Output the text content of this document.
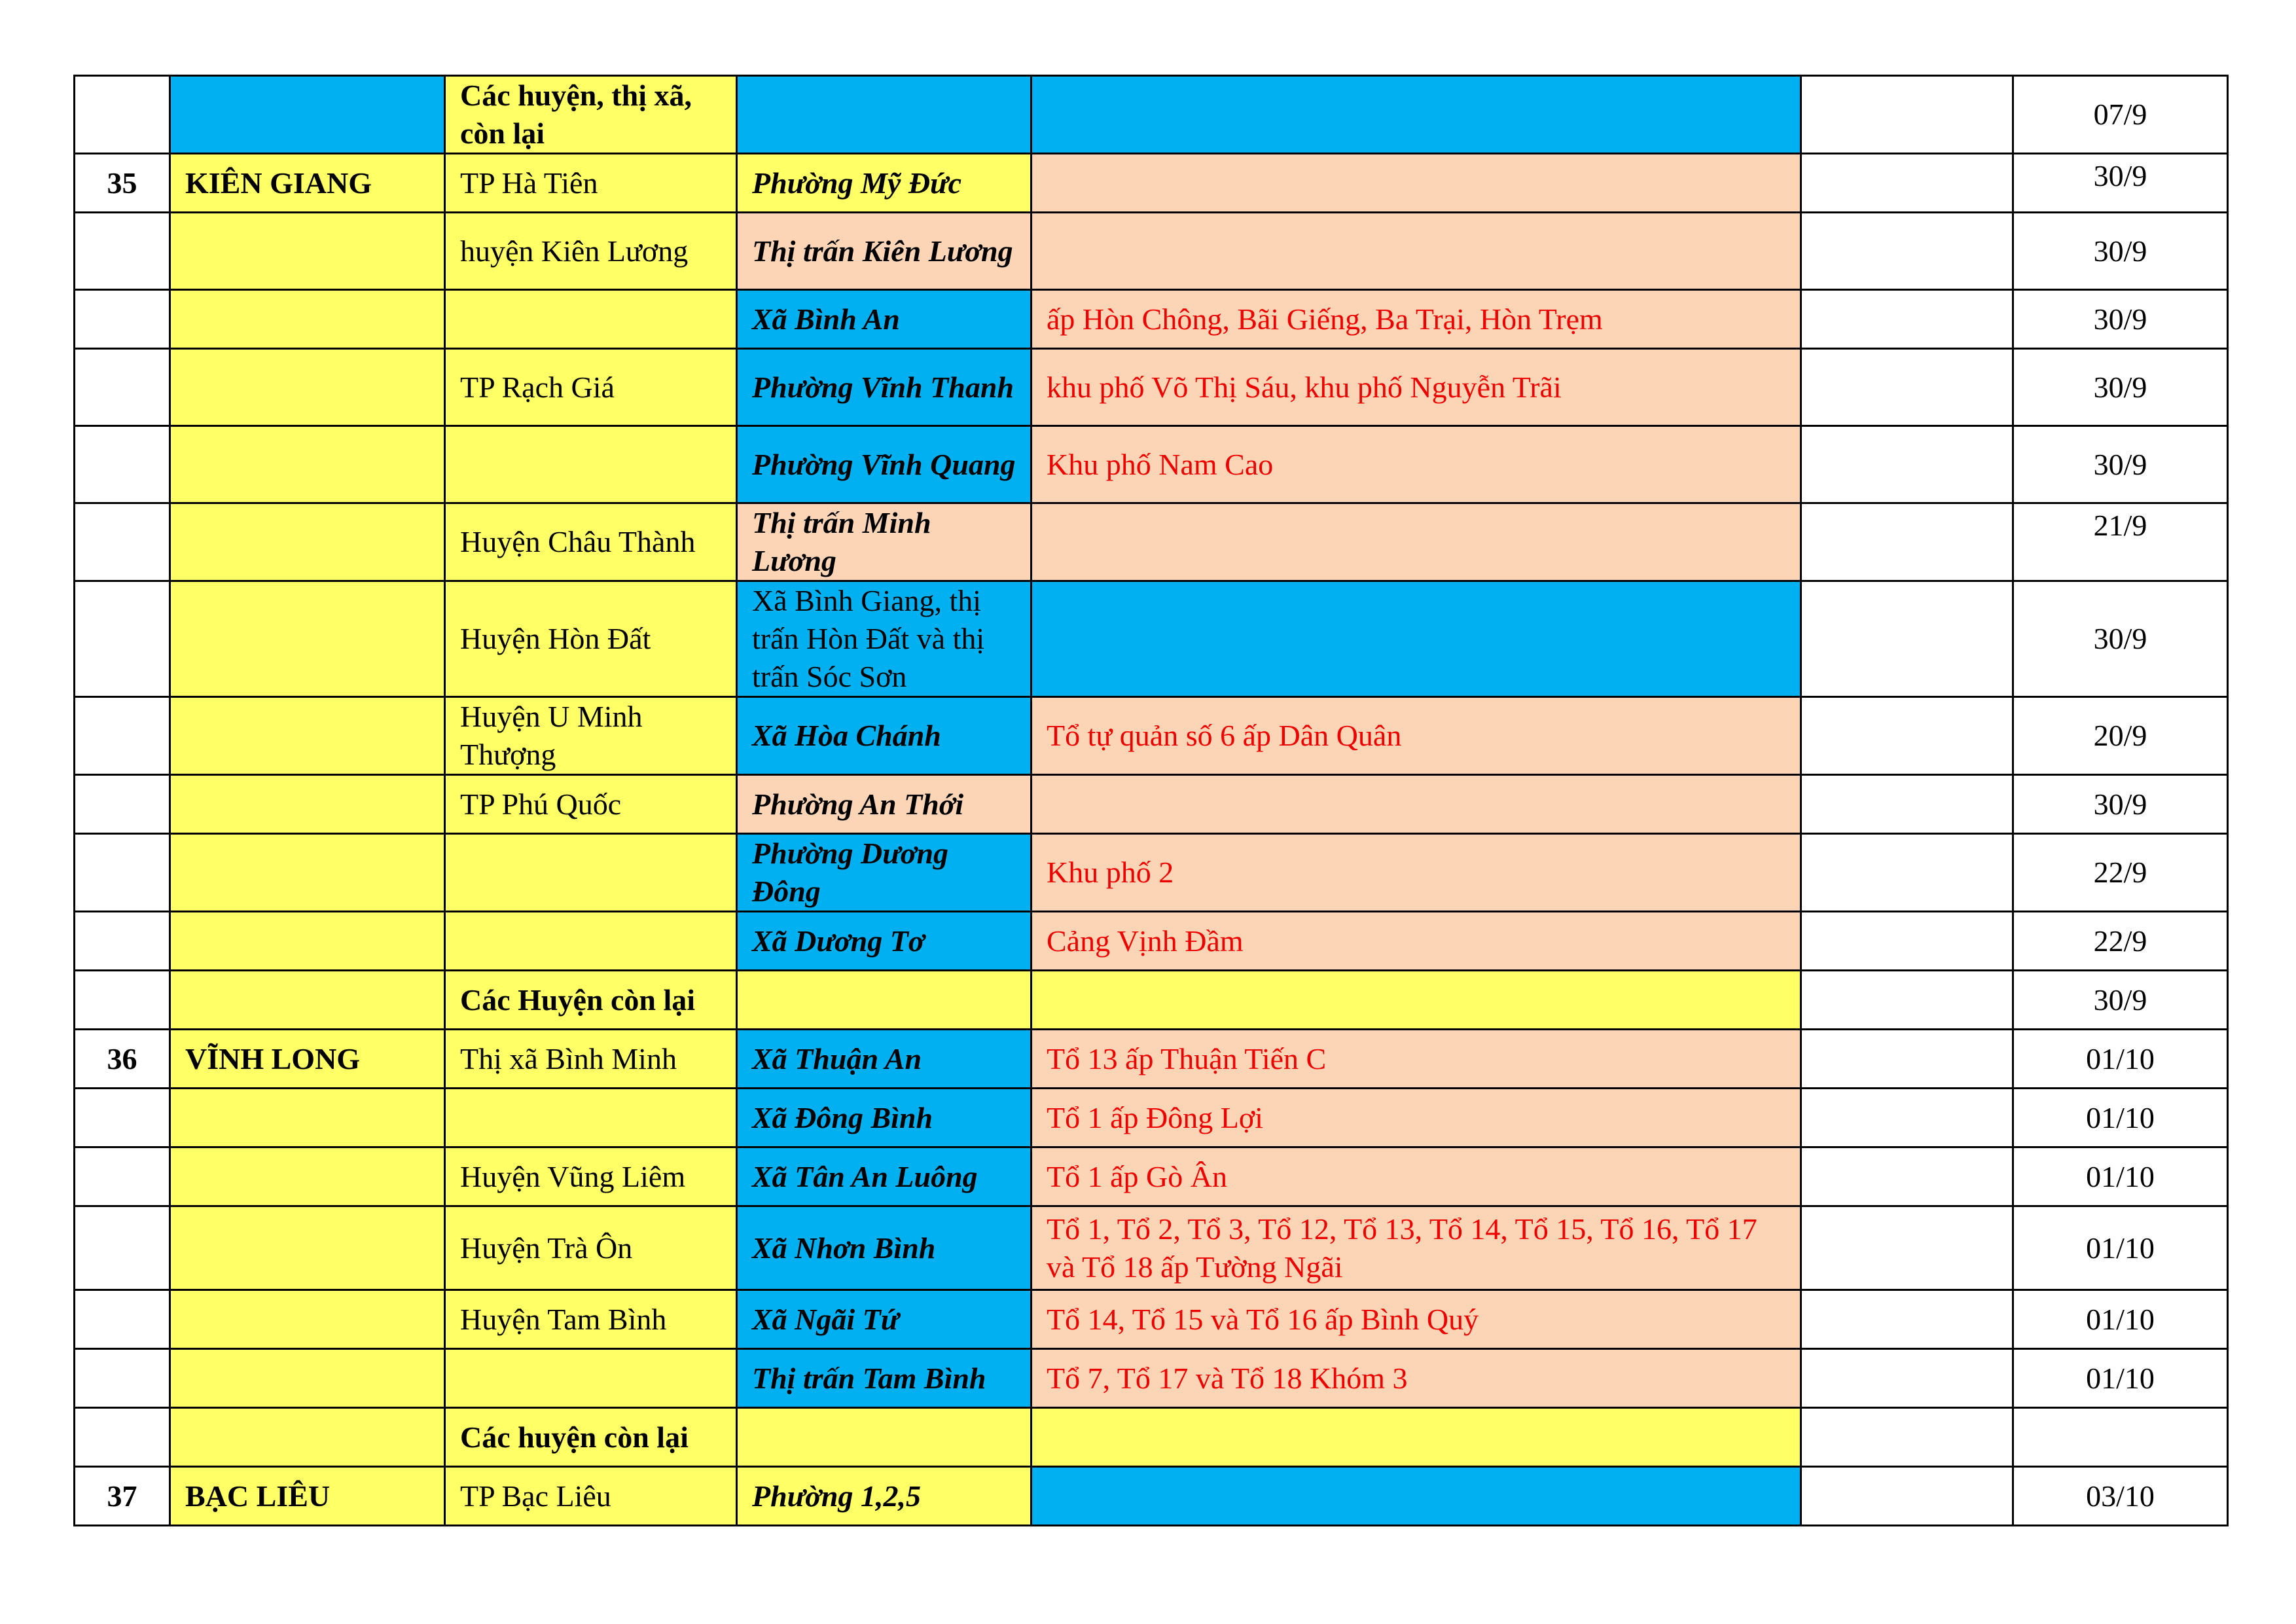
		Các huyện, thị xã, còn lại				07/9
35	KIÊN GIANG	TP Hà Tiên	Phường Mỹ Đức			30/9
		huyện Kiên Lương	Thị trấn Kiên Lương			30/9
			Xã Bình An	ấp Hòn Chông, Bãi Giếng, Ba Trại, Hòn Trẹm		30/9
		TP Rạch Giá	Phường Vĩnh Thanh	khu phố Võ Thị Sáu, khu phố Nguyễn Trãi		30/9
			Phường Vĩnh Quang	Khu phố Nam Cao		30/9
		Huyện Châu Thành	Thị trấn Minh Lương			21/9
		Huyện Hòn Đất	Xã Bình Giang, thị trấn Hòn Đất và thị trấn Sóc Sơn			30/9
		Huyện U Minh Thượng	Xã Hòa Chánh	Tổ tự quản số 6 ấp Dân Quân		20/9
		TP Phú Quốc	Phường An Thới			30/9
			Phường Dương Đông	Khu phố 2		22/9
			Xã Dương Tơ	Cảng Vịnh Đầm		22/9
		Các Huyện còn lại				30/9
36	VĨNH LONG	Thị xã Bình Minh	Xã Thuận An	Tổ 13 ấp Thuận Tiến C		01/10
			Xã Đông Bình	Tổ 1 ấp Đông Lợi		01/10
		Huyện Vũng Liêm	Xã Tân An Luông	Tổ 1 ấp Gò Ân		01/10
		Huyện Trà Ôn	Xã Nhơn Bình	Tổ 1, Tổ 2, Tổ 3, Tổ 12, Tổ 13, Tổ 14, Tổ 15, Tổ 16, Tổ 17 và Tổ 18 ấp Tường Ngãi		01/10
		Huyện Tam Bình	Xã Ngãi Tứ	Tổ 14, Tổ 15 và Tổ 16 ấp Bình Quý		01/10
			Thị trấn Tam Bình	Tổ 7, Tổ 17 và Tổ 18 Khóm 3		01/10
		Các huyện còn lại				
37	BẠC LIÊU	TP Bạc Liêu	Phường 1,2,5			03/10
